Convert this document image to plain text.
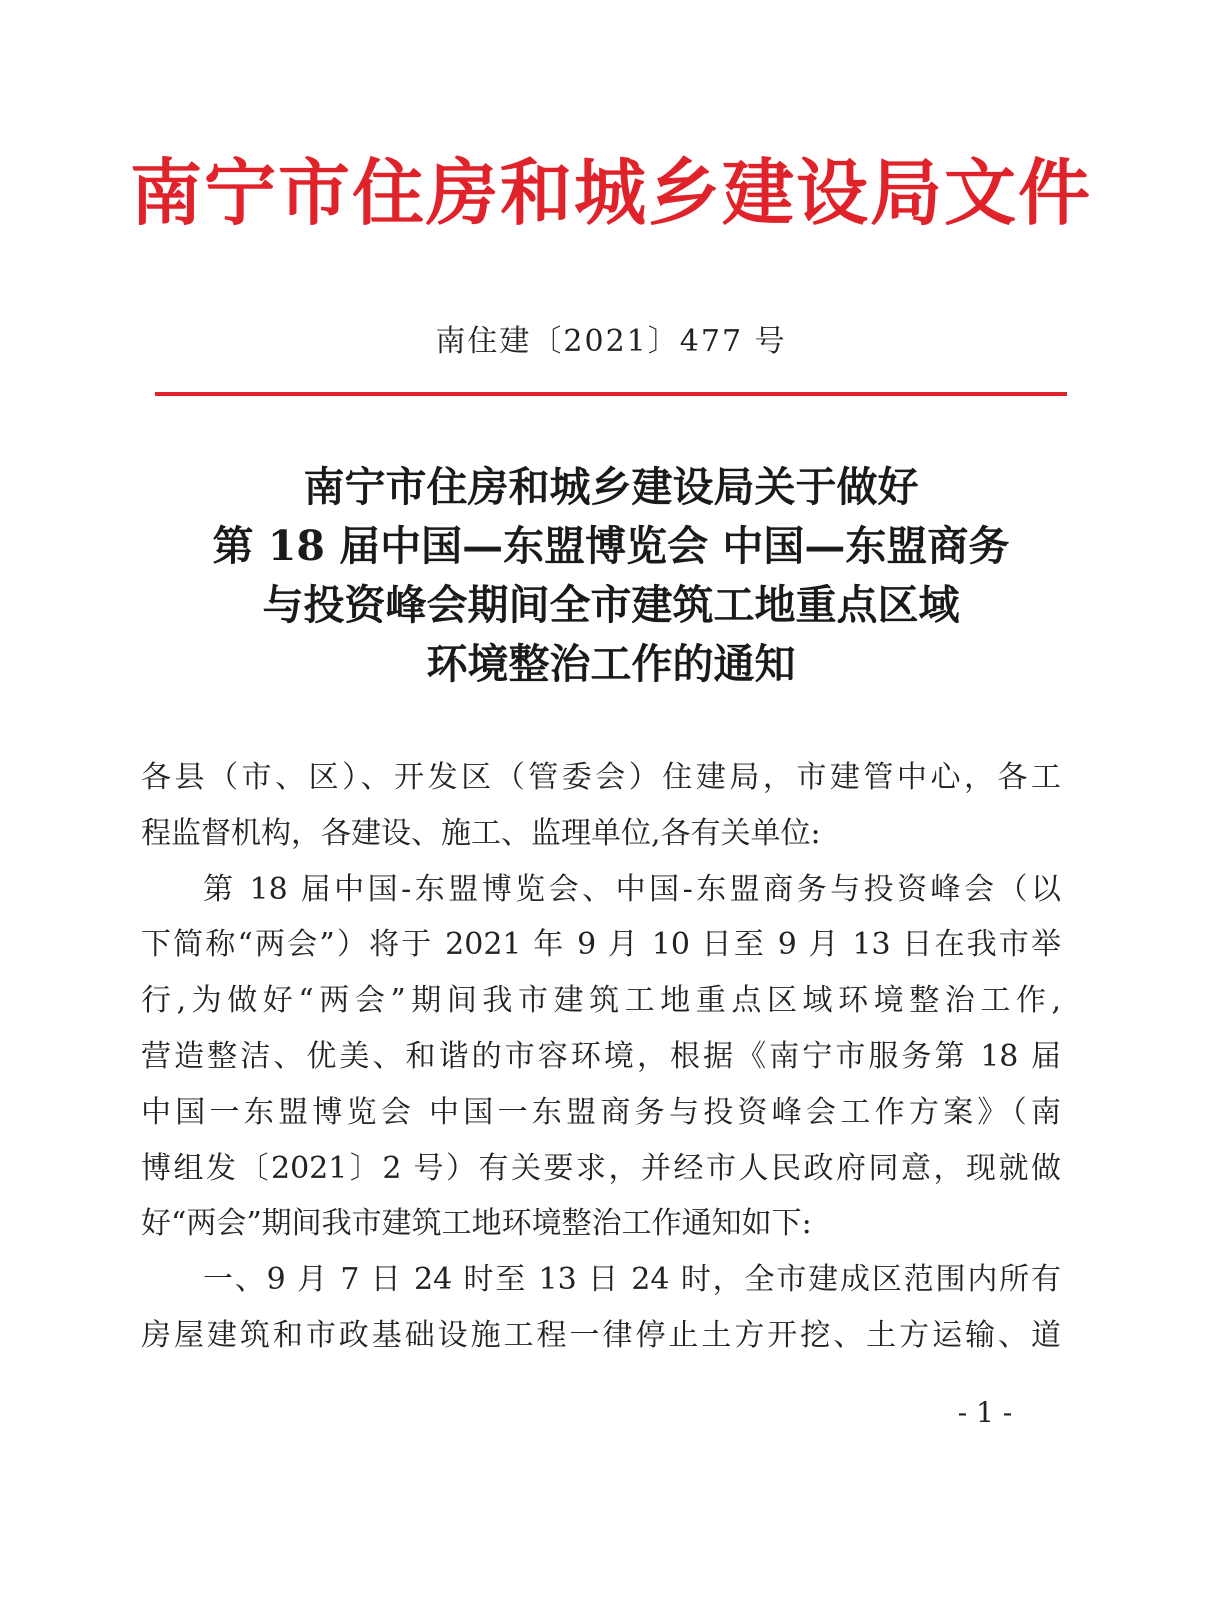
南宁市住房和城乡建设局文件
南住建〔2021〕477 号
南宁市住房和城乡建设局关于做好
第 18 届中国—东盟博览会 中国—东盟商务
与投资峰会期间全市建筑工地重点区域
环境整治工作的通知
各县（市、区）、开发区（管委会）住建局，市建管中心，各工
程监督机构，各建设、施工、监理单位,各有关单位:
第 18 届中国-东盟博览会、中国-东盟商务与投资峰会（以
下简称“两会”）将于 2021 年 9 月 10 日至 9 月 13 日在我市举
行,为做好“两会”期间我市建筑工地重点区域环境整治工作,
营造整洁、优美、和谐的市容环境，根据《南宁市服务第 18 届
中国一东盟博览会 中国一东盟商务与投资峰会工作方案》（南
博组发〔2021〕2 号）有关要求，并经市人民政府同意，现就做
好“两会”期间我市建筑工地环境整治工作通知如下:
一、9 月 7 日 24 时至 13 日 24 时，全市建成区范围内所有
房屋建筑和市政基础设施工程一律停止土方开挖、土方运输、道
- 1 -
